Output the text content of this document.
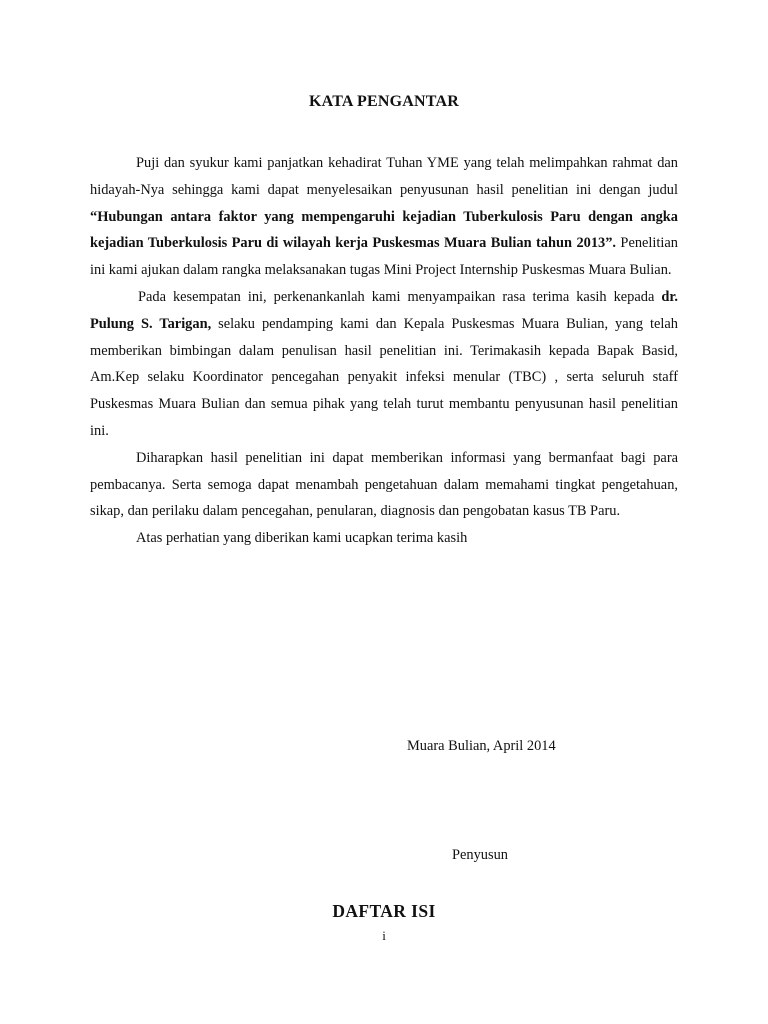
KATA PENGANTAR

Puji dan syukur kami panjatkan kehadirat Tuhan YME yang telah melimpahkan rahmat dan hidayah-Nya sehingga kami dapat menyelesaikan penyusunan hasil penelitian ini dengan judul “Hubungan antara faktor yang mempengaruhi kejadian Tuberkulosis Paru dengan angka kejadian Tuberkulosis Paru di wilayah kerja Puskesmas Muara Bulian tahun 2013”. Penelitian ini kami ajukan dalam rangka melaksanakan tugas Mini Project Internship Puskesmas Muara Bulian.

Pada kesempatan ini, perkenankanlah kami menyampaikan rasa terima kasih kepada dr. Pulung S. Tarigan, selaku pendamping kami dan Kepala Puskesmas Muara Bulian, yang telah memberikan bimbingan dalam penulisan hasil penelitian ini. Terimakasih kepada Bapak Basid, Am.Kep selaku Koordinator pencegahan penyakit infeksi menular (TBC) , serta seluruh staff Puskesmas Muara Bulian dan semua pihak yang telah turut membantu penyusunan hasil penelitian ini.

Diharapkan hasil penelitian ini dapat memberikan informasi yang bermanfaat bagi para pembacanya. Serta semoga dapat menambah pengetahuan dalam memahami tingkat pengetahuan, sikap, dan perilaku dalam pencegahan, penularan, diagnosis dan pengobatan kasus TB Paru.

Atas perhatian yang diberikan kami ucapkan terima kasih

Muara Bulian, April 2014
Penyusun
DAFTAR ISI
i
